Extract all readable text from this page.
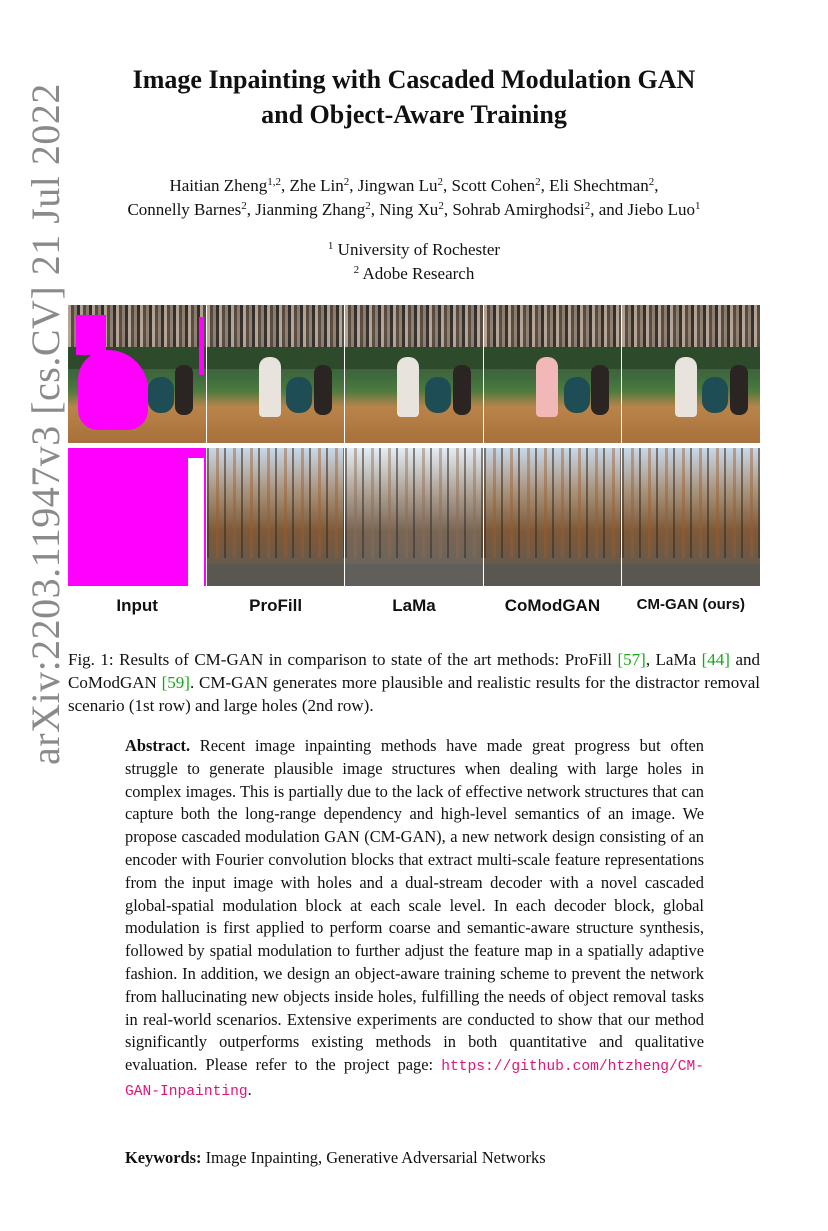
arXiv:2203.11947v3 [cs.CV] 21 Jul 2022
Image Inpainting with Cascaded Modulation GAN
and Object-Aware Training
Haitian Zheng$^{1,2}$, Zhe Lin$^2$, Jingwan Lu$^2$, Scott Cohen$^2$, Eli Shechtman$^2$,
Connelly Barnes$^2$, Jianming Zhang$^2$, Ning Xu$^2$, Sohrab Amirghodsi$^2$, and Jiebo Luo$^1$
$^1$ University of Rochester
$^2$ Adobe Research
Input	ProFill	LaMa	CoModGAN	CM-GAN (ours)
Fig. 1: Results of CM-GAN in comparison to state of the art methods: ProFill [57], LaMa [44] and CoModGAN [59]. CM-GAN generates more plausible and realistic results for the distractor removal scenario (1st row) and large holes (2nd row).
Abstract. Recent image inpainting methods have made great progress but often struggle to generate plausible image structures when dealing with large holes in complex images. This is partially due to the lack of effective network structures that can capture both the long-range dependency and high-level semantics of an image. We propose cascaded modulation GAN (CM-GAN), a new network design consisting of an encoder with Fourier convolution blocks that extract multi-scale feature representations from the input image with holes and a dual-stream decoder with a novel cascaded global-spatial modulation block at each scale level. In each decoder block, global modulation is first applied to perform coarse and semantic-aware structure synthesis, followed by spatial modulation to further adjust the feature map in a spatially adaptive fashion. In addition, we design an object-aware training scheme to prevent the network from hallucinating new objects inside holes, fulfilling the needs of object removal tasks in real-world scenarios. Extensive experiments are conducted to show that our method significantly outperforms existing methods in both quantitative and qualitative evaluation. Please refer to the project page: https://github.com/htzheng/CM-GAN-Inpainting.
Keywords: Image Inpainting, Generative Adversarial Networks
